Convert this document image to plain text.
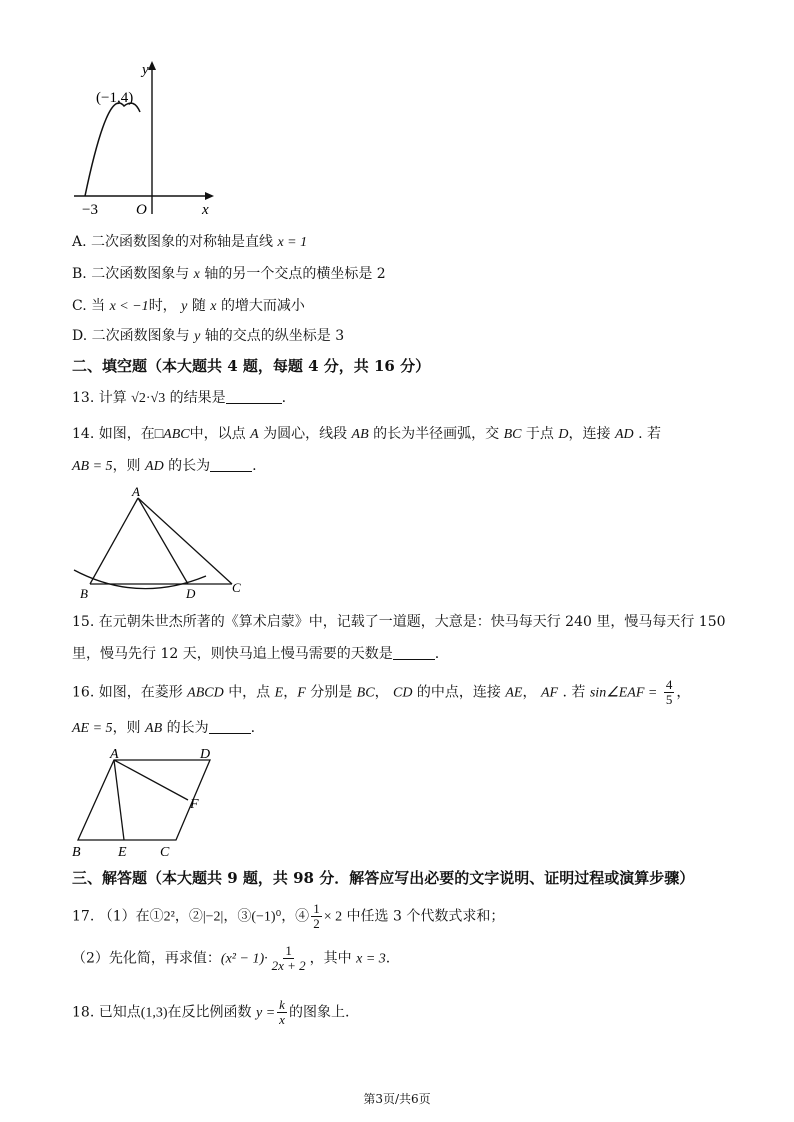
y
(−1,4)
−3	O	x
A. 二次函数图象的对称轴是直线 x = 1
B. 二次函数图象与 x 轴的另一个交点的横坐标是 2
C. 当 x < −1时， y 随 x 的增大而减小
D. 二次函数图象与 y 轴的交点的纵坐标是 3
二、填空题（本大题共 4 题，每题 4 分，共 16 分）
13. 计算 √2·√3 的结果是	.
14. 如图，在□ABC中，以点 A 为圆心，线段 AB 的长为半径画弧，交 BC 于点 D，连接 AD . 若
AB = 5，则 AD 的长为	.
A
B	D	C
15. 在元朝朱世杰所著的《算术启蒙》中，记载了一道题，大意是：快马每天行 240 里，慢马每天行 150
里，慢马先行 12 天，则快马追上慢马需要的天数是	.
16. 如图，在菱形 ABCD 中，点 E，F 分别是 BC， CD 的中点，连接 AE， AF . 若 sin∠EAF = $\frac{4}{5}$ ，
AE = 5，则 AB 的长为	.
A	D
F
B	E C
三、解答题（本大题共 9 题，共 98 分．解答应写出必要的文字说明、证明过程或演算步骤）
17. （1）在①2²，②|−2|，③(−1)⁰，④ $\frac{1}{2} \times 2$ 中任选 3 个代数式求和；
（2）先化简，再求值：$(x^2 - 1)\cdot \frac{1}{2x + 2}$ ，其中 x = 3.
18. 已知点(1,3)在反比例函数 $y = \frac{k}{x}$ 的图象上.
第3页/共6页
